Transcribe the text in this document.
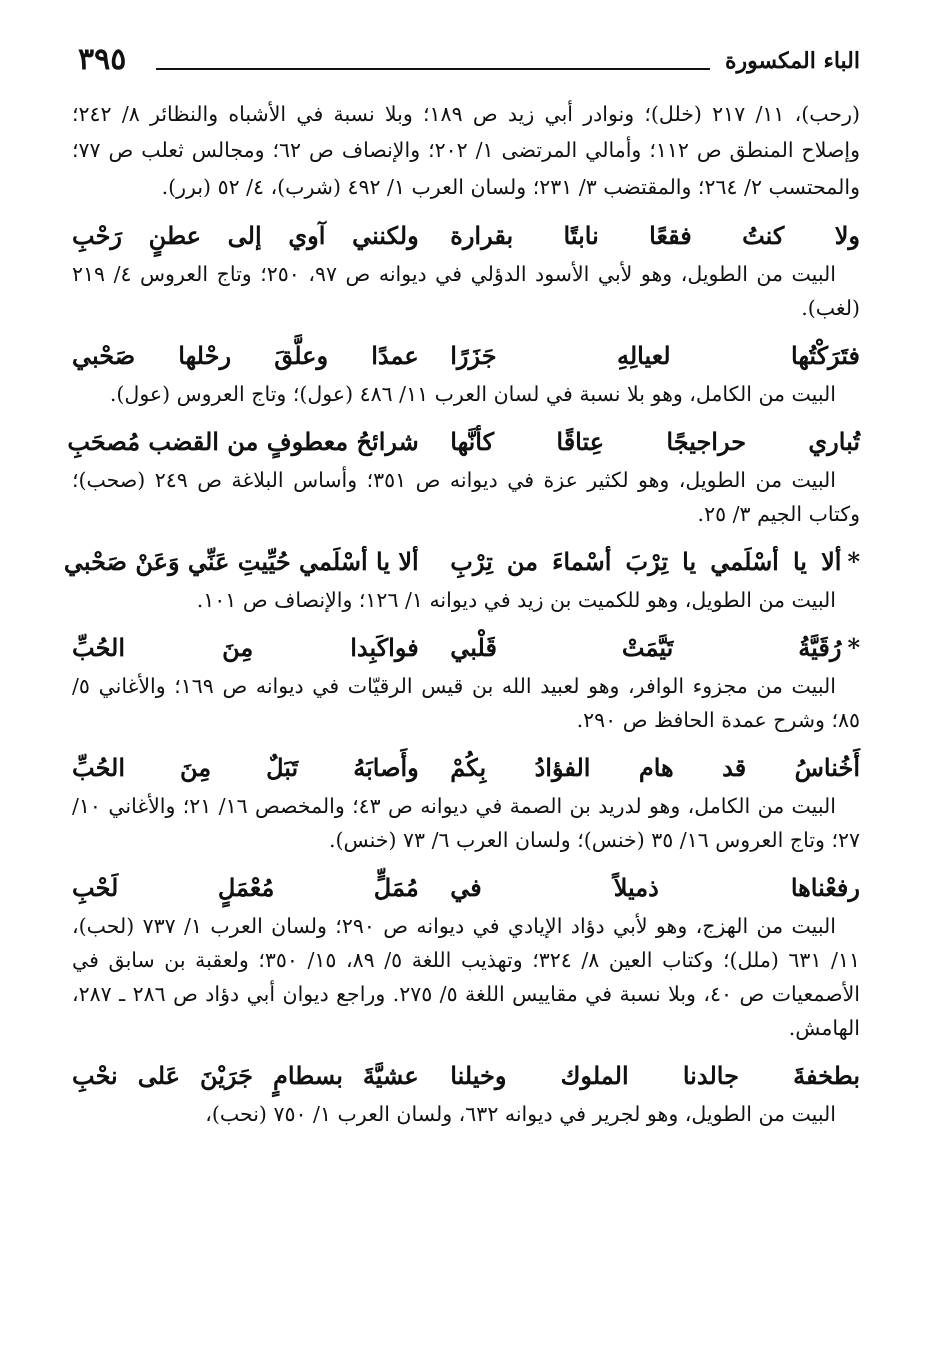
الباء المكسورة
٣٩٥

(رحب)، ١١/ ٢١٧ (خلل)؛ ونوادر أبي زيد ص ١٨٩؛ وبلا نسبة في الأشباه والنظائر ٨/ ٢٤٢؛ وإصلاح المنطق ص ١١٢؛ وأمالي المرتضى ١/ ٢٠٢؛ والإنصاف ص ٦٢؛ ومجالس ثعلب ص ٧٧؛ والمحتسب ٢/ ٢٦٤؛ والمقتضب ٣/ ٢٣١؛ ولسان العرب ١/ ٤٩٢ (شرب)، ٤/ ٥٢ (برر).

ولا كنتُ فقعًا نابتًا بقرارة
ولكنني آوي إلى عطنٍ رَحْبِ

البيت من الطويل، وهو لأبي الأسود الدؤلي في ديوانه ص ٩٧، ٢٥٠؛ وتاج العروس ٤/ ٢١٩ (لغب).

فتَرَكْتُها لعيالِهِ جَزَرًا
عمدًا وعلَّقَ رحْلها صَحْبي

البيت من الكامل، وهو بلا نسبة في لسان العرب ١١/ ٤٨٦ (عول)؛ وتاج العروس (عول).

تُباري حراجيجًا عِتاقًا كأنَّها
شرائحُ معطوفٍ من القضب مُصحَبِ

البيت من الطويل، وهو لكثير عزة في ديوانه ص ٣٥١؛ وأساس البلاغة ص ٢٤٩ (صحب)؛ وكتاب الجيم ٣/ ٢٥.

*ألا يا أسْلَمي يا تِرْبَ أسْماءَ من تِرْبِ
ألا يا أسْلَمي حُيِّيتِ عَنِّي وَعَنْ صَحْبي

البيت من الطويل، وهو للكميت بن زيد في ديوانه ١/ ١٢٦؛ والإنصاف ص ١٠١.

*رُقَيَّةُ تَيَّمَتْ قَلْبي
فواكَبِدا مِنَ الحُبِّ

البيت من مجزوء الوافر، وهو لعبيد الله بن قيس الرقيّات في ديوانه ص ١٦٩؛ والأغاني ٥/ ٨٥؛ وشرح عمدة الحافظ ص ٢٩٠.

أَخُناسُ قد هام الفؤادُ بِكُمْ
وأَصابَهُ تَبَلٌ مِنَ الحُبِّ

البيت من الكامل، وهو لدريد بن الصمة في ديوانه ص ٤٣؛ والمخصص ١٦/ ٢١؛ والأغاني ١٠/ ٢٧؛ وتاج العروس ١٦/ ٣٥ (خنس)؛ ولسان العرب ٦/ ٧٣ (خنس).

رفعْناها ذميلاً في
مُمَلٍّ مُعْمَلٍ لَحْبِ

البيت من الهزج، وهو لأبي دؤاد الإيادي في ديوانه ص ٢٩٠؛ ولسان العرب ١/ ٧٣٧ (لحب)، ١١/ ٦٣١ (ملل)؛ وكتاب العين ٨/ ٣٢٤؛ وتهذيب اللغة ٥/ ٨٩، ١٥/ ٣٥٠؛ ولعقبة بن سابق في الأصمعيات ص ٤٠، وبلا نسبة في مقاييس اللغة ٥/ ٢٧٥. وراجع ديوان أبي دؤاد ص ٢٨٦ ـ ٢٨٧، الهامش.

بطخفةَ جالدنا الملوك وخيلنا
عشيَّةَ بسطامٍ جَرَيْنَ عَلى نحْبِ

البيت من الطويل، وهو لجرير في ديوانه ٦٣٢، ولسان العرب ١/ ٧٥٠ (نحب)،
